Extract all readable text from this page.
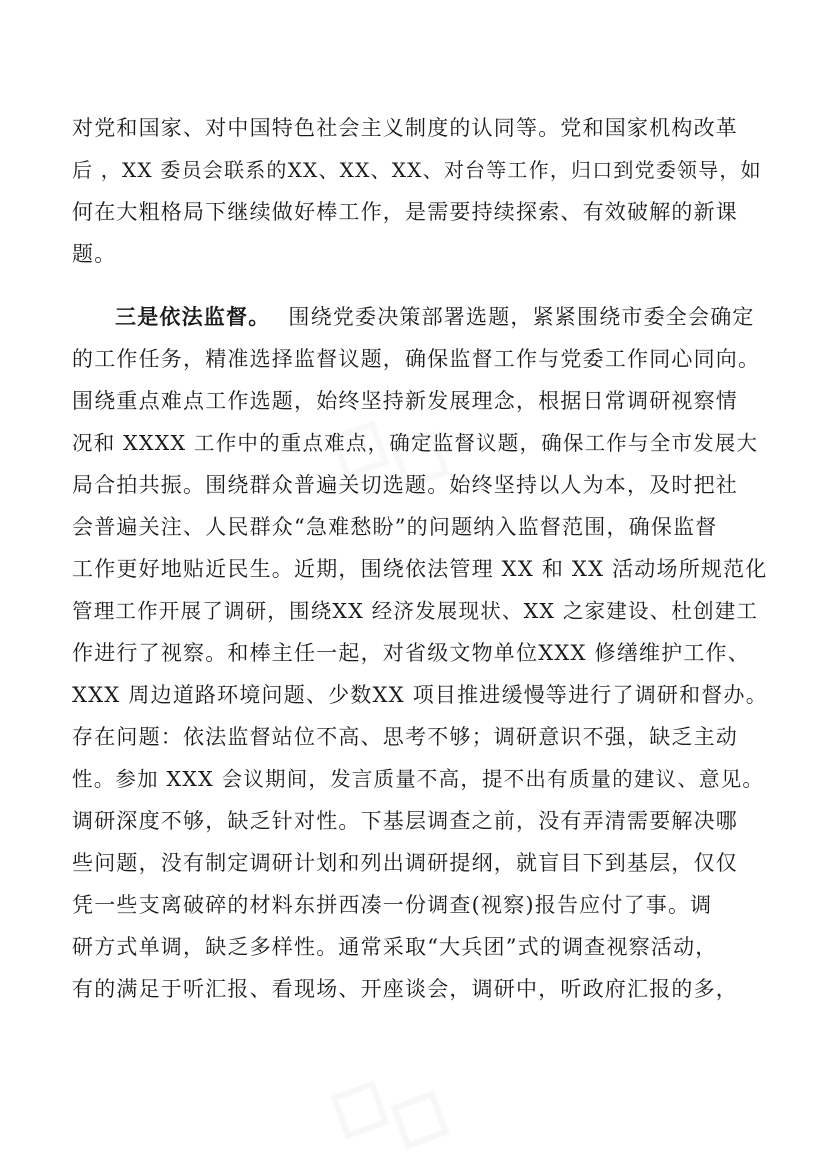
对党和国家、对中国特色社会主义制度的认同等。党和国家机构改革
后 ，XX 委员会联系的XX、XX、XX、对台等工作，归口到党委领导，如
何在大粗格局下继续做好棒工作，是需要持续探索、有效破解的新课
题。
三是依法监督。 围绕党委决策部署选题，紧紧围绕市委全会确定
的工作任务，精准选择监督议题，确保监督工作与党委工作同心同向。
围绕重点难点工作选题，始终坚持新发展理念，根据日常调研视察情
况和 XXXX 工作中的重点难点，确定监督议题，确保工作与全市发展大
局合拍共振。围绕群众普遍关切选题。始终坚持以人为本，及时把社
会普遍关注、人民群众“急难愁盼”的问题纳入监督范围，确保监督
工作更好地贴近民生。近期，围绕依法管理 XX 和 XX 活动场所规范化
管理工作开展了调研，围绕XX 经济发展现状、XX 之家建设、杜创建工
作进行了视察。和棒主任一起，对省级文物单位XXX 修缮维护工作、
XXX 周边道路环境问题、少数XX 项目推进缓慢等进行了调研和督办。
存在问题：依法监督站位不高、思考不够；调研意识不强，缺乏主动
性。参加 XXX 会议期间，发言质量不高，提不出有质量的建议、意见。
调研深度不够，缺乏针对性。下基层调查之前，没有弄清需要解决哪
些问题，没有制定调研计划和列出调研提纲，就盲目下到基层，仅仅
凭一些支离破碎的材料东拼西凑一份调查(视察)报告应付了事。调
研方式单调，缺乏多样性。通常采取“大兵团”式的调查视察活动，
有的满足于听汇报、看现场、开座谈会，调研中，听政府汇报的多，
